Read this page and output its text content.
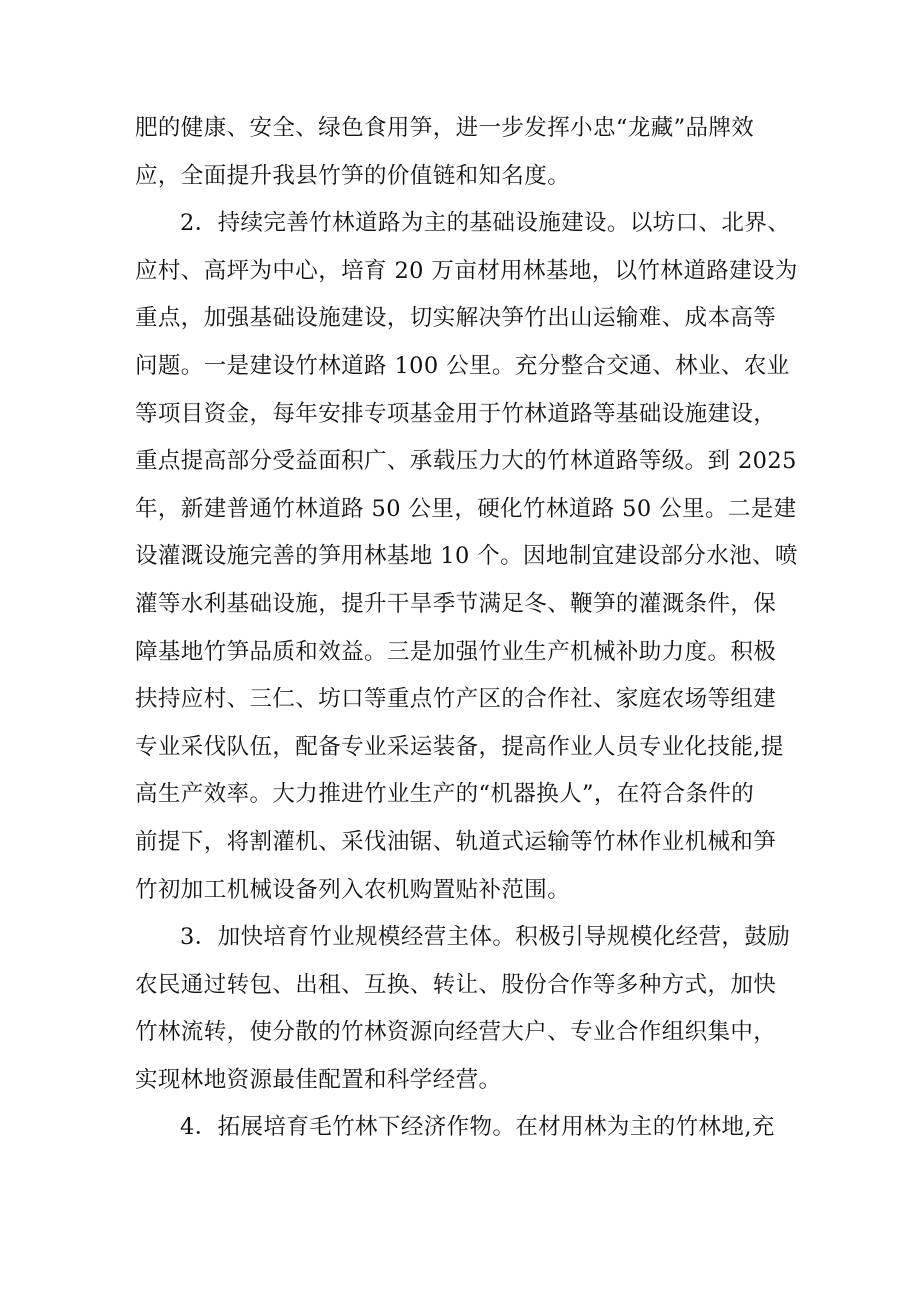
肥的健康、安全、绿色食用笋，进一步发挥小忠“龙藏”品牌效
应，全面提升我县竹笋的价值链和知名度。
2．持续完善竹林道路为主的基础设施建设。以坊口、北界、
应村、高坪为中心，培育 20 万亩材用林基地，以竹林道路建设为
重点，加强基础设施建设，切实解决笋竹出山运输难、成本高等
问题。一是建设竹林道路 100 公里。充分整合交通、林业、农业
等项目资金，每年安排专项基金用于竹林道路等基础设施建设，
重点提高部分受益面积广、承载压力大的竹林道路等级。到 2025
年，新建普通竹林道路 50 公里，硬化竹林道路 50 公里。二是建
设灌溉设施完善的笋用林基地 10 个。因地制宜建设部分水池、喷
灌等水利基础设施，提升干旱季节满足冬、鞭笋的灌溉条件，保
障基地竹笋品质和效益。三是加强竹业生产机械补助力度。积极
扶持应村、三仁、坊口等重点竹产区的合作社、家庭农场等组建
专业采伐队伍，配备专业采运装备，提高作业人员专业化技能,提
高生产效率。大力推进竹业生产的“机器换人”，在符合条件的
前提下，将割灌机、采伐油锯、轨道式运输等竹林作业机械和笋
竹初加工机械设备列入农机购置贴补范围。
3．加快培育竹业规模经营主体。积极引导规模化经营，鼓励
农民通过转包、出租、互换、转让、股份合作等多种方式，加快
竹林流转，使分散的竹林资源向经营大户、专业合作组织集中，
实现林地资源最佳配置和科学经营。
4．拓展培育毛竹林下经济作物。在材用林为主的竹林地,充
